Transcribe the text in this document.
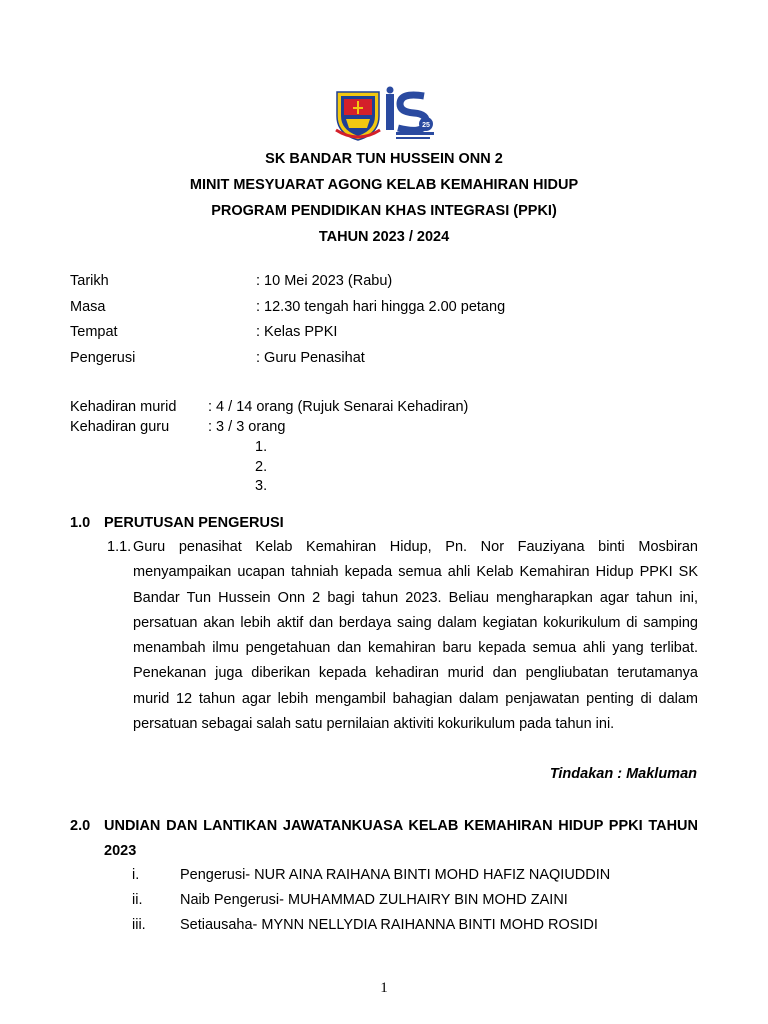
25
SK BANDAR TUN HUSSEIN ONN 2
MINIT MESYUARAT AGONG KELAB KEMAHIRAN HIDUP
PROGRAM PENDIDIKAN KHAS INTEGRASI (PPKI)
TAHUN 2023 / 2024
Tarikh	: 10 Mei 2023 (Rabu)
Masa	: 12.30 tengah hari hingga 2.00 petang
Tempat	: Kelas PPKI
Pengerusi	: Guru Penasihat
Kehadiran murid : 4 / 14 orang (Rujuk Senarai Kehadiran)
Kehadiran guru	: 3 / 3 orang
1.
2.
3.
1.0 PERUTUSAN PENGERUSI
1.1. Guru penasihat Kelab Kemahiran Hidup, Pn. Nor Fauziyana binti Mosbiran menyampaikan ucapan tahniah kepada semua ahli Kelab Kemahiran Hidup PPKI SK Bandar Tun Hussein Onn 2 bagi tahun 2023. Beliau mengharapkan agar tahun ini, persatuan akan lebih aktif dan berdaya saing dalam kegiatan kokurikulum di samping menambah ilmu pengetahuan dan kemahiran baru kepada semua ahli yang terlibat. Penekanan juga diberikan kepada kehadiran murid dan pengliubatan terutamanya murid 12 tahun agar lebih mengambil bahagian dalam penjawatan penting di dalam persatuan sebagai salah satu pernilaian aktiviti kokurikulum pada tahun ini.
Tindakan : Makluman
2.0 UNDIAN DAN LANTIKAN JAWATANKUASA KELAB KEMAHIRAN HIDUP PPKI TAHUN 2023
i.	Pengerusi- NUR AINA RAIHANA BINTI MOHD HAFIZ NAQIUDDIN
ii.	Naib Pengerusi- MUHAMMAD ZULHAIRY BIN MOHD ZAINI
iii. Setiausaha- MYNN NELLYDIA RAIHANNA BINTI MOHD ROSIDI
1
